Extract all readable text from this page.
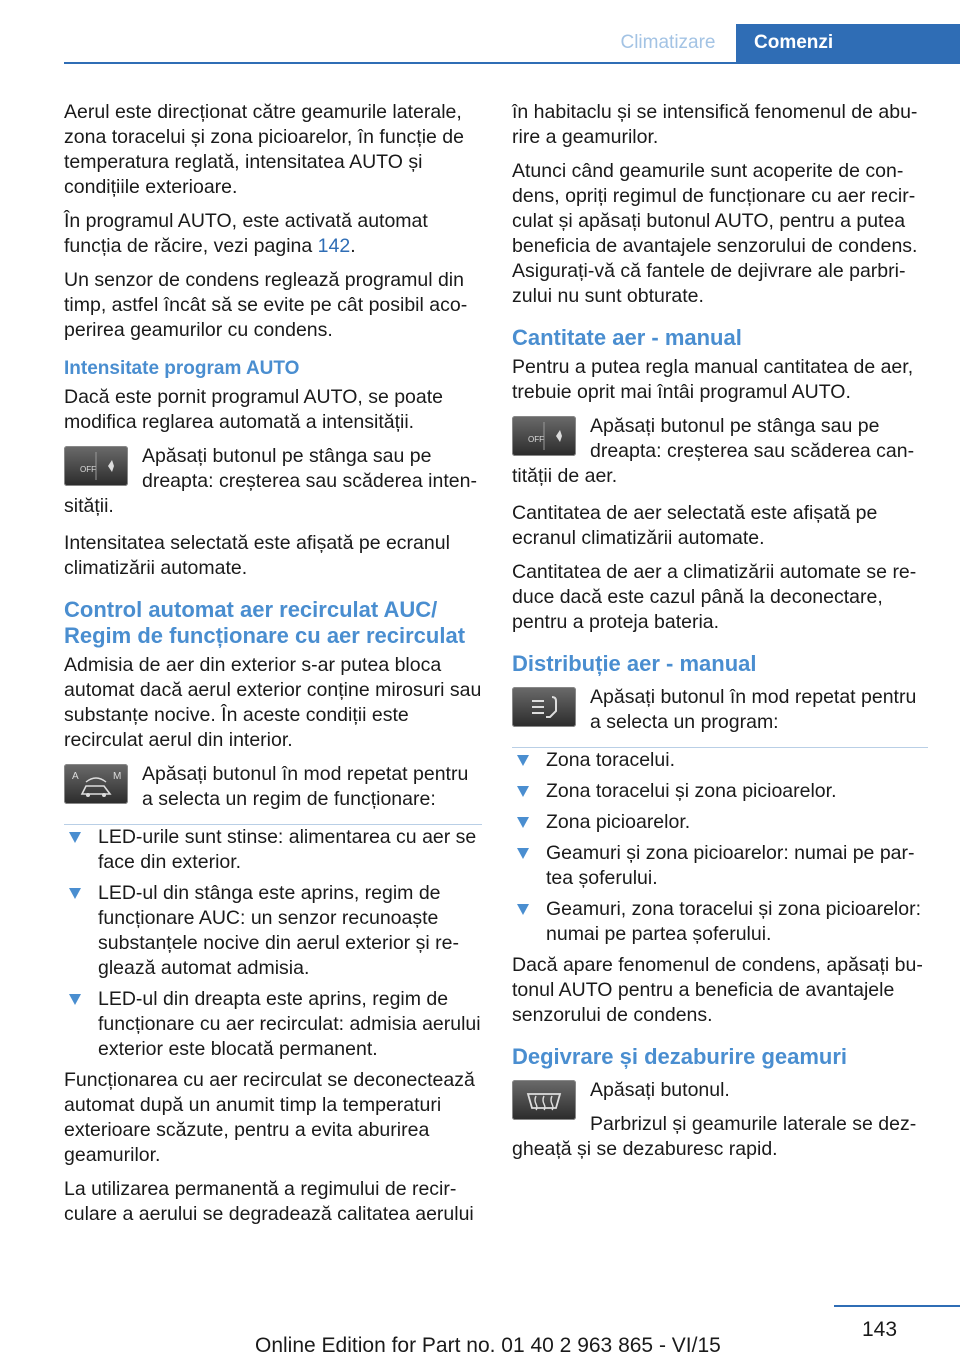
Climatizare	Comenzi

Aerul este direcționat către geamurile laterale, zona toracelui și zona picioarelor, în funcție de temperatura reglată, intensitatea AUTO și condițiile exterioare.

În programul AUTO, este activată automat funcția de răcire, vezi pagina 142.

Un senzor de condens reglează programul din timp, astfel încât să se evite pe cât posibil acoperirea geamurilor cu condens.

Intensitate program AUTO

Dacă este pornit programul AUTO, se poate modifica reglarea automată a intensității.

OFF
Apăsați butonul pe stânga sau pe dreapta: creșterea sau scăderea intensității.

Intensitatea selectată este afișată pe ecranul climatizării automate.

Control automat aer recirculat AUC/ Regim de funcționare cu aer recirculat

Admisia de aer din exterior s-ar putea bloca automat dacă aerul exterior conține mirosuri sau substanțe nocive. În aceste condiții este recirculat aerul din interior.

A	M Apăsați butonul în mod repetat pentru a selecta un regim de funcționare:
LED-urile sunt stinse: alimentarea cu aer se face din exterior.
LED-ul din stânga este aprins, regim de funcționare AUC: un senzor recunoaște substanțele nocive din aerul exterior și reglează automat admisia.
LED-ul din dreapta este aprins, regim de funcționare cu aer recirculat: admisia aerului exterior este blocată permanent.

Funcționarea cu aer recirculat se deconectează automat după un anumit timp la temperaturi exterioare scăzute, pentru a evita aburirea geamurilor.

La utilizarea permanentă a regimului de recirculare a aerului se degradează calitatea aerului

în habitaclu și se intensifică fenomenul de aburire a geamurilor.

Atunci când geamurile sunt acoperite de condens, opriți regimul de funcționare cu aer recirculat și apăsați butonul AUTO, pentru a putea beneficia de avantajele senzorului de condens. Asigurați-vă că fantele de dejivrare ale parbrizului nu sunt obturate.

Cantitate aer - manual

Pentru a putea regla manual cantitatea de aer, trebuie oprit mai întâi programul AUTO.

OFF
Apăsați butonul pe stânga sau pe dreapta: creșterea sau scăderea cantității de aer.

Cantitatea de aer selectată este afișată pe ecranul climatizării automate.

Cantitatea de aer a climatizării automate se reduce dacă este cazul până la deconectare, pentru a proteja bateria.

Distribuție aer - manual
Apăsați butonul în mod repetat pentru a selecta un program:
Zona toracelui.
Zona toracelui și zona picioarelor.
Zona picioarelor.
Geamuri și zona picioarelor: numai pe partea șoferului.
Geamuri, zona toracelui și zona picioarelor: numai pe partea șoferului.

Dacă apare fenomenul de condens, apăsați butonul AUTO pentru a beneficia de avantajele senzorului de condens.

Degivrare și dezaburire geamuri

Apăsați butonul.

Parbrizul și geamurile laterale se dezgheață și se dezaburesc rapid.
143
Online Edition for Part no. 01 40 2 963 865 - VI/15
